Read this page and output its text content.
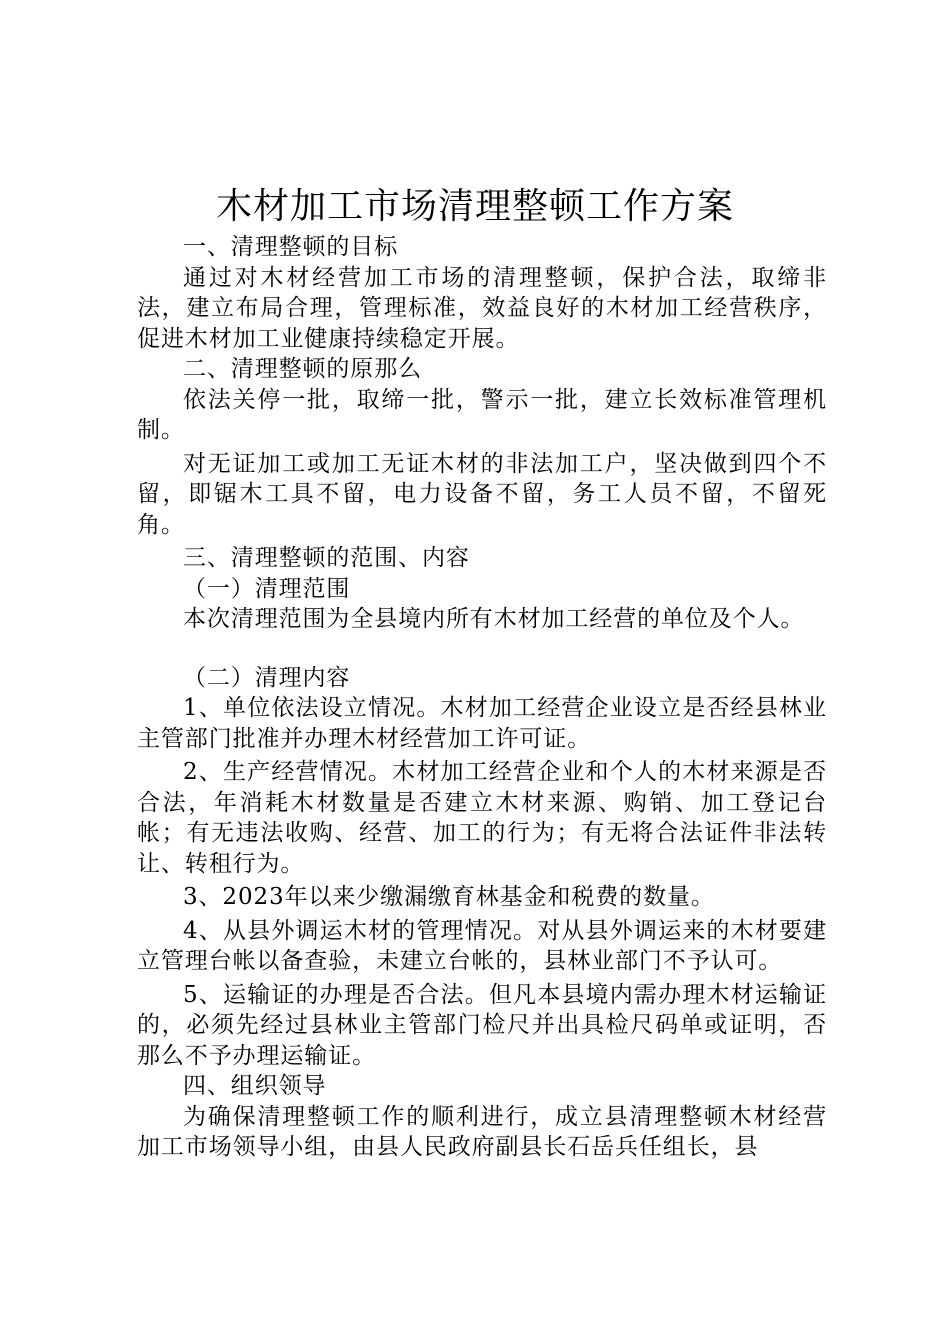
木材加工市场清理整顿工作方案
一、清理整顿的目标

通过对木材经营加工市场的清理整顿，保护合法，取缔非法，建立布局合理，管理标准，效益良好的木材加工经营秩序，促进木材加工业健康持续稳定开展。

二、清理整顿的原那么

依法关停一批，取缔一批，警示一批，建立长效标准管理机制。

对无证加工或加工无证木材的非法加工户，坚决做到四个不留，即锯木工具不留，电力设备不留，务工人员不留，不留死角。

三、清理整顿的范围、内容
（一）清理范围

本次清理范围为全县境内所有木材加工经营的单位及个人。

（二）清理内容

1、单位依法设立情况。木材加工经营企业设立是否经县林业主管部门批准并办理木材经营加工许可证。

2、生产经营情况。木材加工经营企业和个人的木材来源是否合法，年消耗木材数量是否建立木材来源、购销、加工登记台帐；有无违法收购、经营、加工的行为；有无将合法证件非法转让、转租行为。

3、2023年以来少缴漏缴育林基金和税费的数量。

4、从县外调运木材的管理情况。对从县外调运来的木材要建立管理台帐以备查验，未建立台帐的，县林业部门不予认可。

5、运输证的办理是否合法。但凡本县境内需办理木材运输证的，必须先经过县林业主管部门检尺并出具检尺码单或证明，否那么不予办理运输证。

四、组织领导

为确保清理整顿工作的顺利进行，成立县清理整顿木材经营加工市场领导小组，由县人民政府副县长石岳兵任组长，县
